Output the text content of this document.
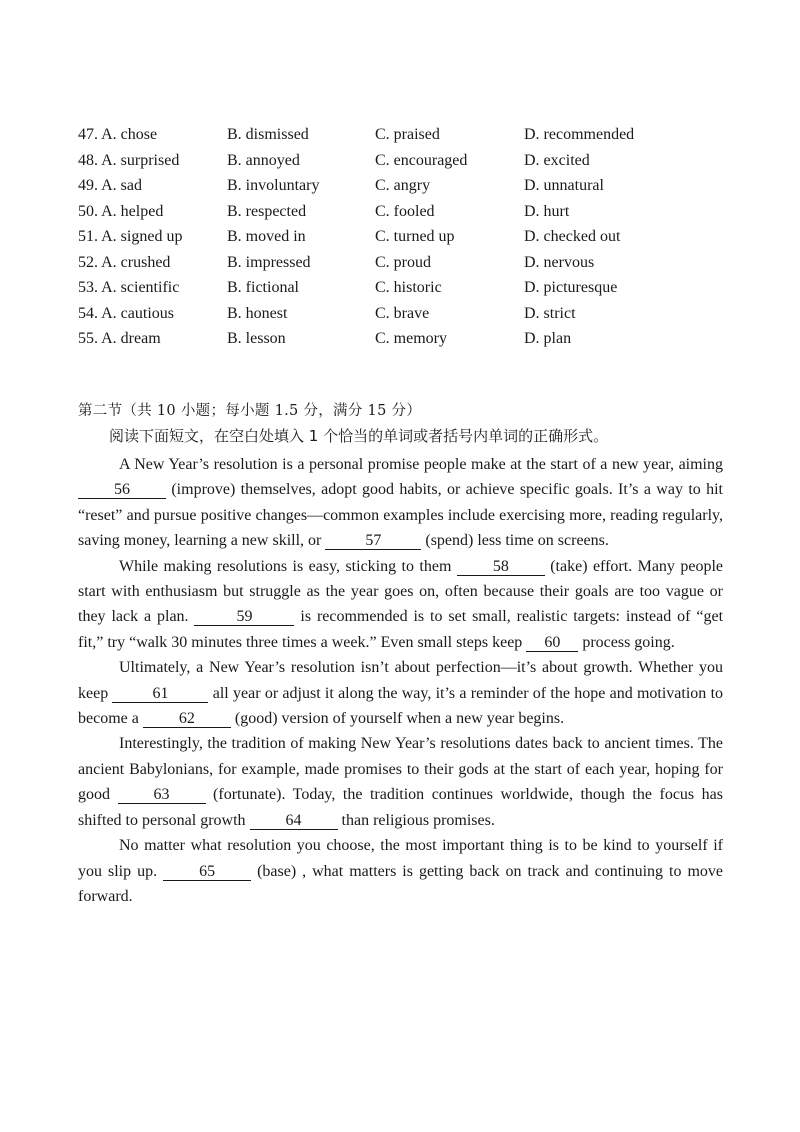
47. A. chose	B. dismissed	C. praised	D. recommended
48. A. surprised	B. annoyed	C. encouraged	D. excited
49. A. sad	B. involuntary	C. angry	D. unnatural
50. A. helped	B. respected	C. fooled	D. hurt
51. A. signed up	B. moved in	C. turned up	D. checked out
52. A. crushed	B. impressed	C. proud	D. nervous
53. A. scientific	B. fictional	C. historic	D. picturesque
54. A. cautious	B. honest	C. brave	D. strict
55. A. dream	B. lesson	C. memory	D. plan
第二节（共 10 小题；每小题 1.5 分，满分 15 分）
阅读下面短文，在空白处填入 1 个恰当的单词或者括号内单词的正确形式。

A New Year’s resolution is a personal promise people make at the start of a new year, aiming 56 (improve) themselves, adopt good habits, or achieve specific goals. It’s a way to hit “reset” and pursue positive changes—common examples include exercising more, reading regularly, saving money, learning a new skill, or	57	(spend) less time on screens.

While making resolutions is easy, sticking to them 58 (take) effort. Many people start with enthusiasm but struggle as the year goes on, often because their goals are too vague or they lack a plan.	59	is recommended is to set small, realistic targets: instead of “get fit,” try “walk 30 minutes three times a week.” Even small steps keep 60 process going.

Ultimately, a New Year’s resolution isn’t about perfection—it’s about growth. Whether you keep	61	all year or adjust it along the way, it’s a reminder of the hope and motivation to become a 62 (good) version of yourself when a new year begins.

Interestingly, the tradition of making New Year’s resolutions dates back to ancient times. The ancient Babylonians, for example, made promises to their gods at the start of each year, hoping for good 63 (fortunate). Today, the tradition continues worldwide, though the focus has shifted to personal growth 64 than religious promises.

No matter what resolution you choose, the most important thing is to be kind to yourself if you slip up. 65 (base) , what matters is getting back on track and continuing to move forward.
